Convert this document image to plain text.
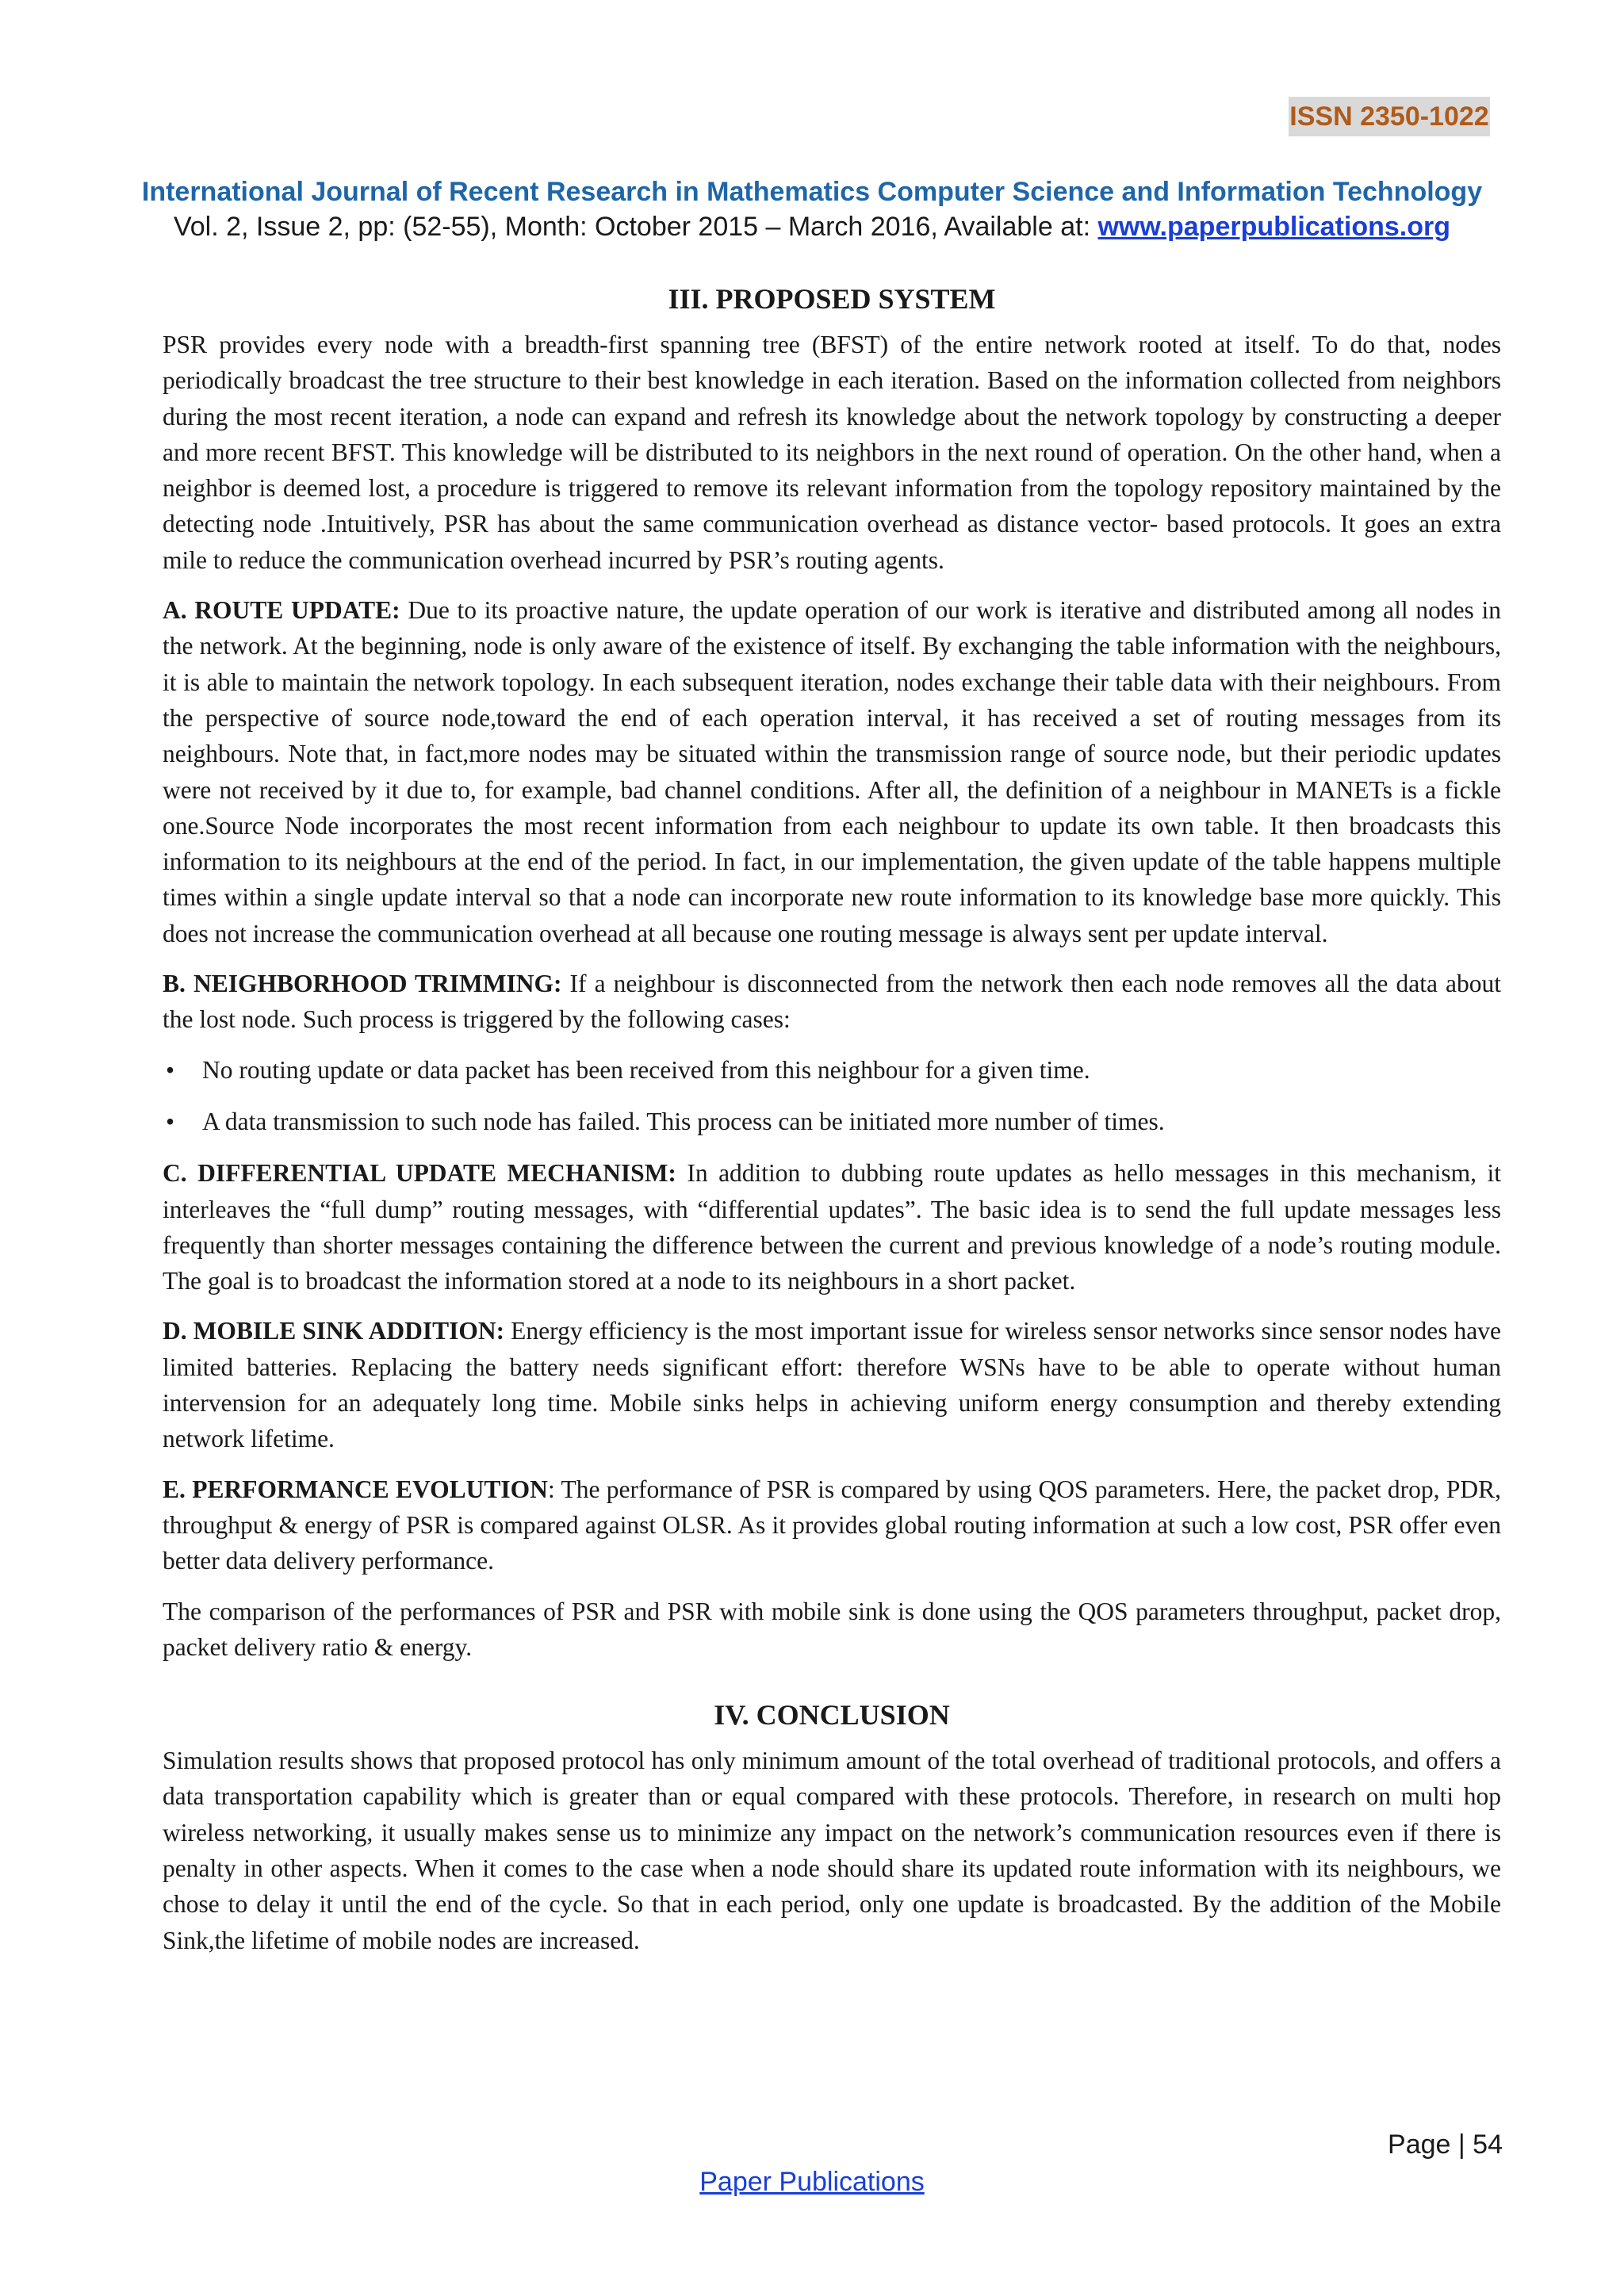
ISSN 2350-1022
International Journal of Recent Research in Mathematics Computer Science and Information Technology
Vol. 2, Issue 2, pp: (52-55), Month: October 2015 – March 2016, Available at: www.paperpublications.org
III. PROPOSED SYSTEM

PSR provides every node with a breadth-first spanning tree (BFST) of the entire network rooted at itself. To do that, nodes periodically broadcast the tree structure to their best knowledge in each iteration. Based on the information collected from neighbors during the most recent iteration, a node can expand and refresh its knowledge about the network topology by constructing a deeper and more recent BFST. This knowledge will be distributed to its neighbors in the next round of operation. On the other hand, when a neighbor is deemed lost, a procedure is triggered to remove its relevant information from the topology repository maintained by the detecting node .Intuitively, PSR has about the same communication overhead as distance vector- based protocols. It goes an extra mile to reduce the communication overhead incurred by PSR’s routing agents.

A. ROUTE UPDATE: Due to its proactive nature, the update operation of our work is iterative and distributed among all nodes in the network. At the beginning, node is only aware of the existence of itself. By exchanging the table information with the neighbours, it is able to maintain the network topology. In each subsequent iteration, nodes exchange their table data with their neighbours. From the perspective of source node,toward the end of each operation interval, it has received a set of routing messages from its neighbours. Note that, in fact,more nodes may be situated within the transmission range of source node, but their periodic updates were not received by it due to, for example, bad channel conditions. After all, the definition of a neighbour in MANETs is a fickle one.Source Node incorporates the most recent information from each neighbour to update its own table. It then broadcasts this information to its neighbours at the end of the period. In fact, in our implementation, the given update of the table happens multiple times within a single update interval so that a node can incorporate new route information to its knowledge base more quickly. This does not increase the communication overhead at all because one routing message is always sent per update interval.

B. NEIGHBORHOOD TRIMMING: If a neighbour is disconnected from the network then each node removes all the data about the lost node. Such process is triggered by the following cases:

• No routing update or data packet has been received from this neighbour for a given time.
• A data transmission to such node has failed. This process can be initiated more number of times.

C. DIFFERENTIAL UPDATE MECHANISM: In addition to dubbing route updates as hello messages in this mechanism, it interleaves the “full dump” routing messages, with “differential updates”. The basic idea is to send the full update messages less frequently than shorter messages containing the difference between the current and previous knowledge of a node’s routing module. The goal is to broadcast the information stored at a node to its neighbours in a short packet.

D. MOBILE SINK ADDITION: Energy efficiency is the most important issue for wireless sensor networks since sensor nodes have limited batteries. Replacing the battery needs significant effort: therefore WSNs have to be able to operate without human intervension for an adequately long time. Mobile sinks helps in achieving uniform energy consumption and thereby extending network lifetime.

E. PERFORMANCE EVOLUTION: The performance of PSR is compared by using QOS parameters. Here, the packet drop, PDR, throughput & energy of PSR is compared against OLSR. As it provides global routing information at such a low cost, PSR offer even better data delivery performance.

The comparison of the performances of PSR and PSR with mobile sink is done using the QOS parameters throughput, packet drop, packet delivery ratio & energy.

IV. CONCLUSION

Simulation results shows that proposed protocol has only minimum amount of the total overhead of traditional protocols, and offers a data transportation capability which is greater than or equal compared with these protocols. Therefore, in research on multi hop wireless networking, it usually makes sense us to minimize any impact on the network’s communication resources even if there is penalty in other aspects. When it comes to the case when a node should share its updated route information with its neighbours, we chose to delay it until the end of the cycle. So that in each period, only one update is broadcasted. By the addition of the Mobile Sink,the lifetime of mobile nodes are increased.

Page | 54
Paper Publications
